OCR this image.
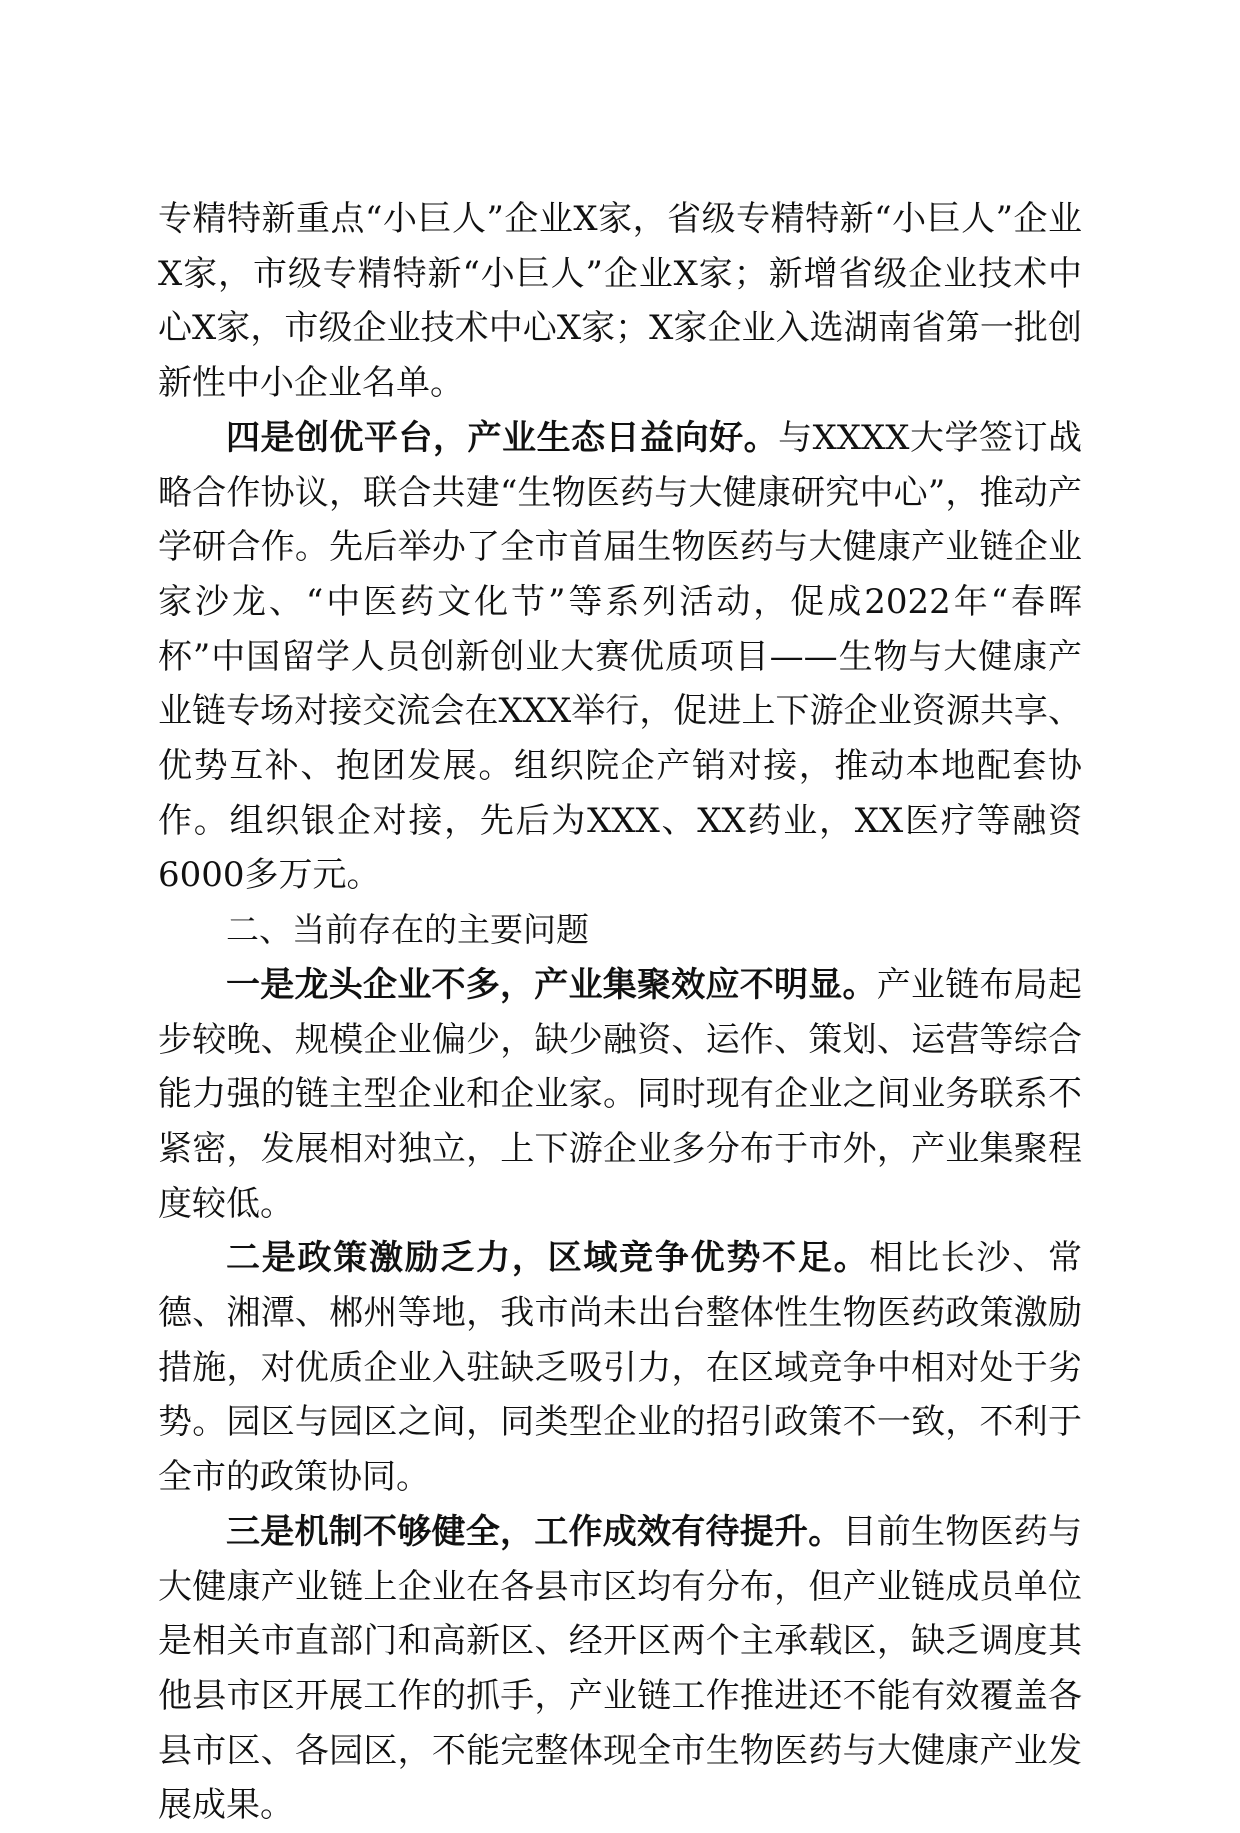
专精特新重点“小巨人”企业X家，省级专精特新“小巨人”企业X家，市级专精特新“小巨人”企业X家；新增省级企业技术中心X家，市级企业技术中心X家；X家企业入选湖南省第一批创新性中小企业名单。

四是创优平台，产业生态日益向好。与XXXX大学签订战略合作协议，联合共建“生物医药与大健康研究中心”，推动产学研合作。先后举办了全市首届生物医药与大健康产业链企业家沙龙、“中医药文化节”等系列活动，促成2022年“春晖杯”中国留学人员创新创业大赛优质项目——生物与大健康产业链专场对接交流会在XXX举行，促进上下游企业资源共享、优势互补、抱团发展。组织院企产销对接，推动本地配套协作。组织银企对接，先后为XXX、XX药业，XX医疗等融资6000多万元。

二、当前存在的主要问题

一是龙头企业不多，产业集聚效应不明显。产业链布局起步较晚、规模企业偏少，缺少融资、运作、策划、运营等综合能力强的链主型企业和企业家。同时现有企业之间业务联系不紧密，发展相对独立，上下游企业多分布于市外，产业集聚程度较低。

二是政策激励乏力，区域竞争优势不足。相比长沙、常德、湘潭、郴州等地，我市尚未出台整体性生物医药政策激励措施，对优质企业入驻缺乏吸引力，在区域竞争中相对处于劣势。园区与园区之间，同类型企业的招引政策不一致，不利于全市的政策协同。

三是机制不够健全，工作成效有待提升。目前生物医药与大健康产业链上企业在各县市区均有分布，但产业链成员单位是相关市直部门和高新区、经开区两个主承载区，缺乏调度其他县市区开展工作的抓手，产业链工作推进还不能有效覆盖各县市区、各园区，不能完整体现全市生物医药与大健康产业发展成果。
